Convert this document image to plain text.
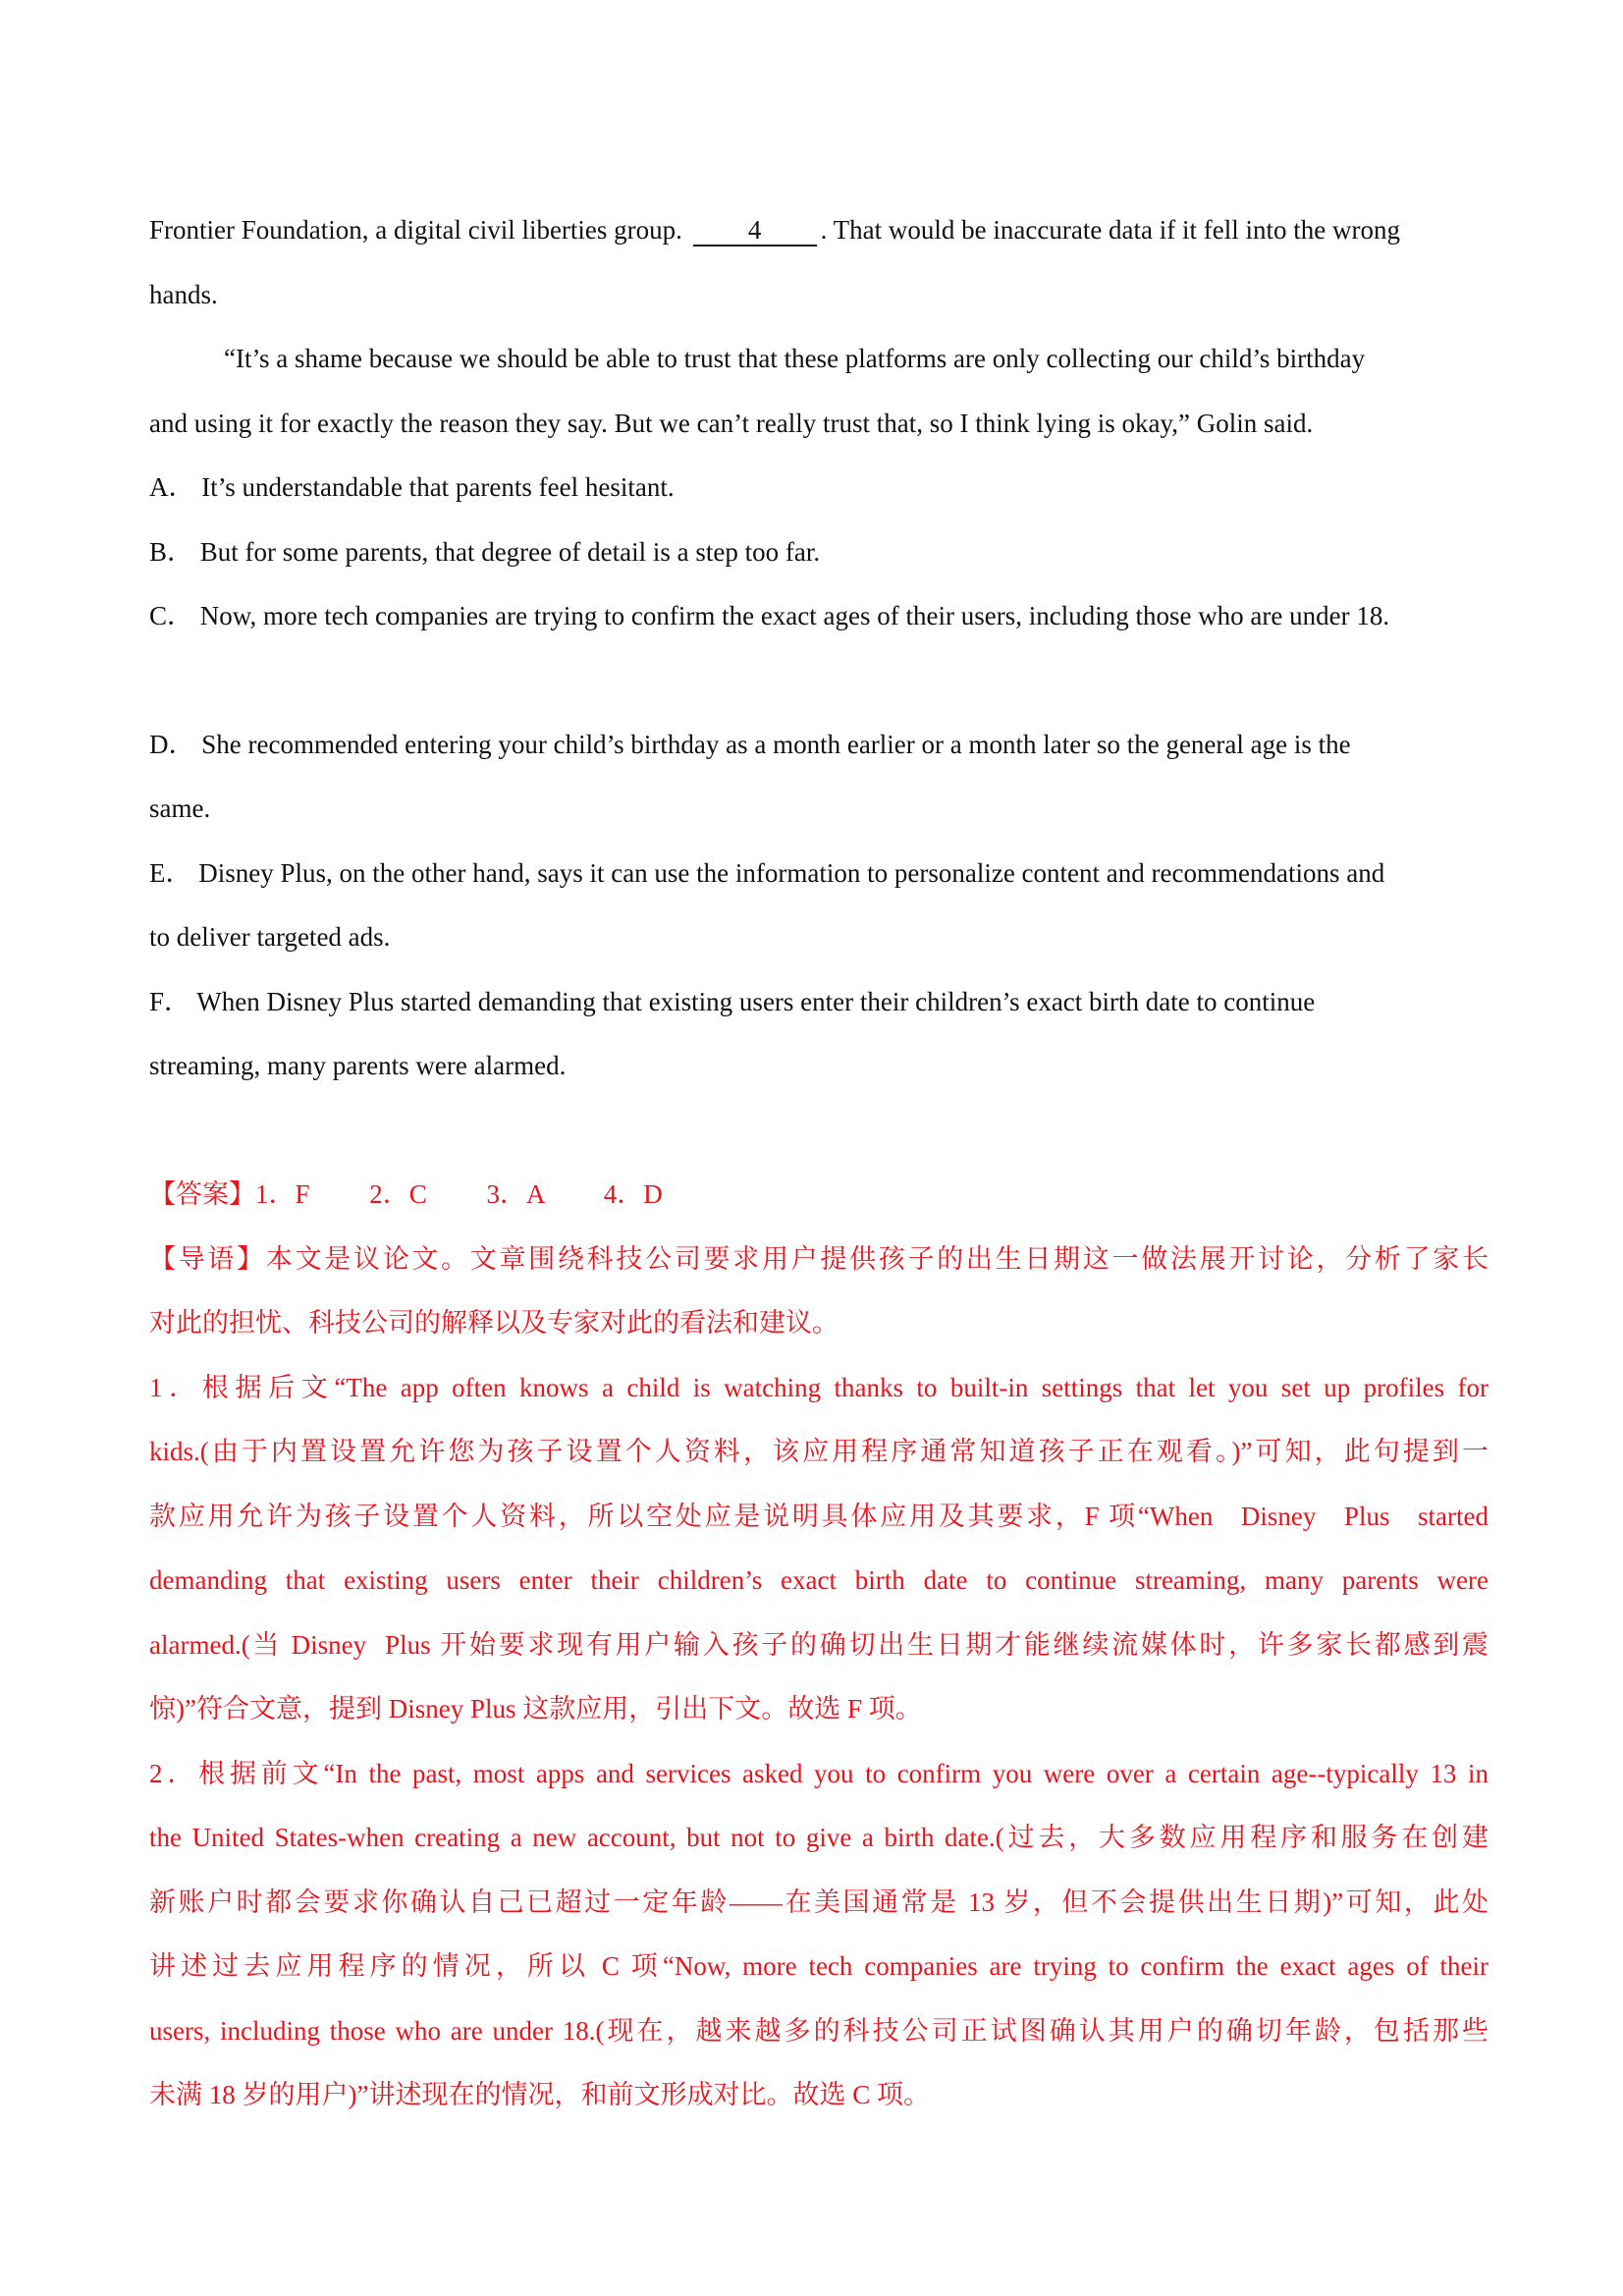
Frontier Foundation, a digital civil liberties group. 4 . That would be inaccurate data if it fell into the wrong
hands.
“It’s a shame because we should be able to trust that these platforms are only collecting our child’s birthday
and using it for exactly the reason they say. But we can’t really trust that, so I think lying is okay,” Golin said.
A． It’s understandable that parents feel hesitant.
B． But for some parents, that degree of detail is a step too far.
C． Now, more tech companies are trying to confirm the exact ages of their users, including those who are under 18.
D． She recommended entering your child’s birthday as a month earlier or a month later so the general age is the
same.
E． Disney Plus, on the other hand, says it can use the information to personalize content and recommendations and
to deliver targeted ads.
F． When Disney Plus started demanding that existing users enter their children’s exact birth date to continue
streaming, many parents were alarmed.
【答案】1．F　　 2．C　　 3．A　　 4．D
【导语】本文是议论文。文章围绕科技公司要求用户提供孩子的出生日期这一做法展开讨论，分析了家长
对此的担忧、科技公司的解释以及专家对此的看法和建议。
1．根据后文“The app often knows a child is watching thanks to built-in settings that let you set up profiles for
kids.(由于内置设置允许您为孩子设置个人资料，该应用程序通常知道孩子正在观看。)”可知，此句提到一
款应用允许为孩子设置个人资料，所以空处应是说明具体应用及其要求，F 项“When   Disney   Plus   started
demanding that existing users enter their children’s exact birth date to continue streaming, many parents were
alarmed.(当 Disney  Plus 开始要求现有用户输入孩子的确切出生日期才能继续流媒体时，许多家长都感到震
惊)”符合文意，提到 Disney Plus 这款应用，引出下文。故选 F 项。
2．根据前文“In the past, most apps and services asked you to confirm you were over a certain age--typically 13 in
the United States-when creating a new account, but not to give a birth date.(过去，大多数应用程序和服务在创建
新账户时都会要求你确认自己已超过一定年龄——在美国通常是 13 岁，但不会提供出生日期)”可知，此处
讲述过去应用程序的情况，所以 C 项“Now, more tech companies are trying to confirm the exact ages of their
users, including those who are under 18.(现在，越来越多的科技公司正试图确认其用户的确切年龄，包括那些
未满 18 岁的用户)”讲述现在的情况，和前文形成对比。故选 C 项。
